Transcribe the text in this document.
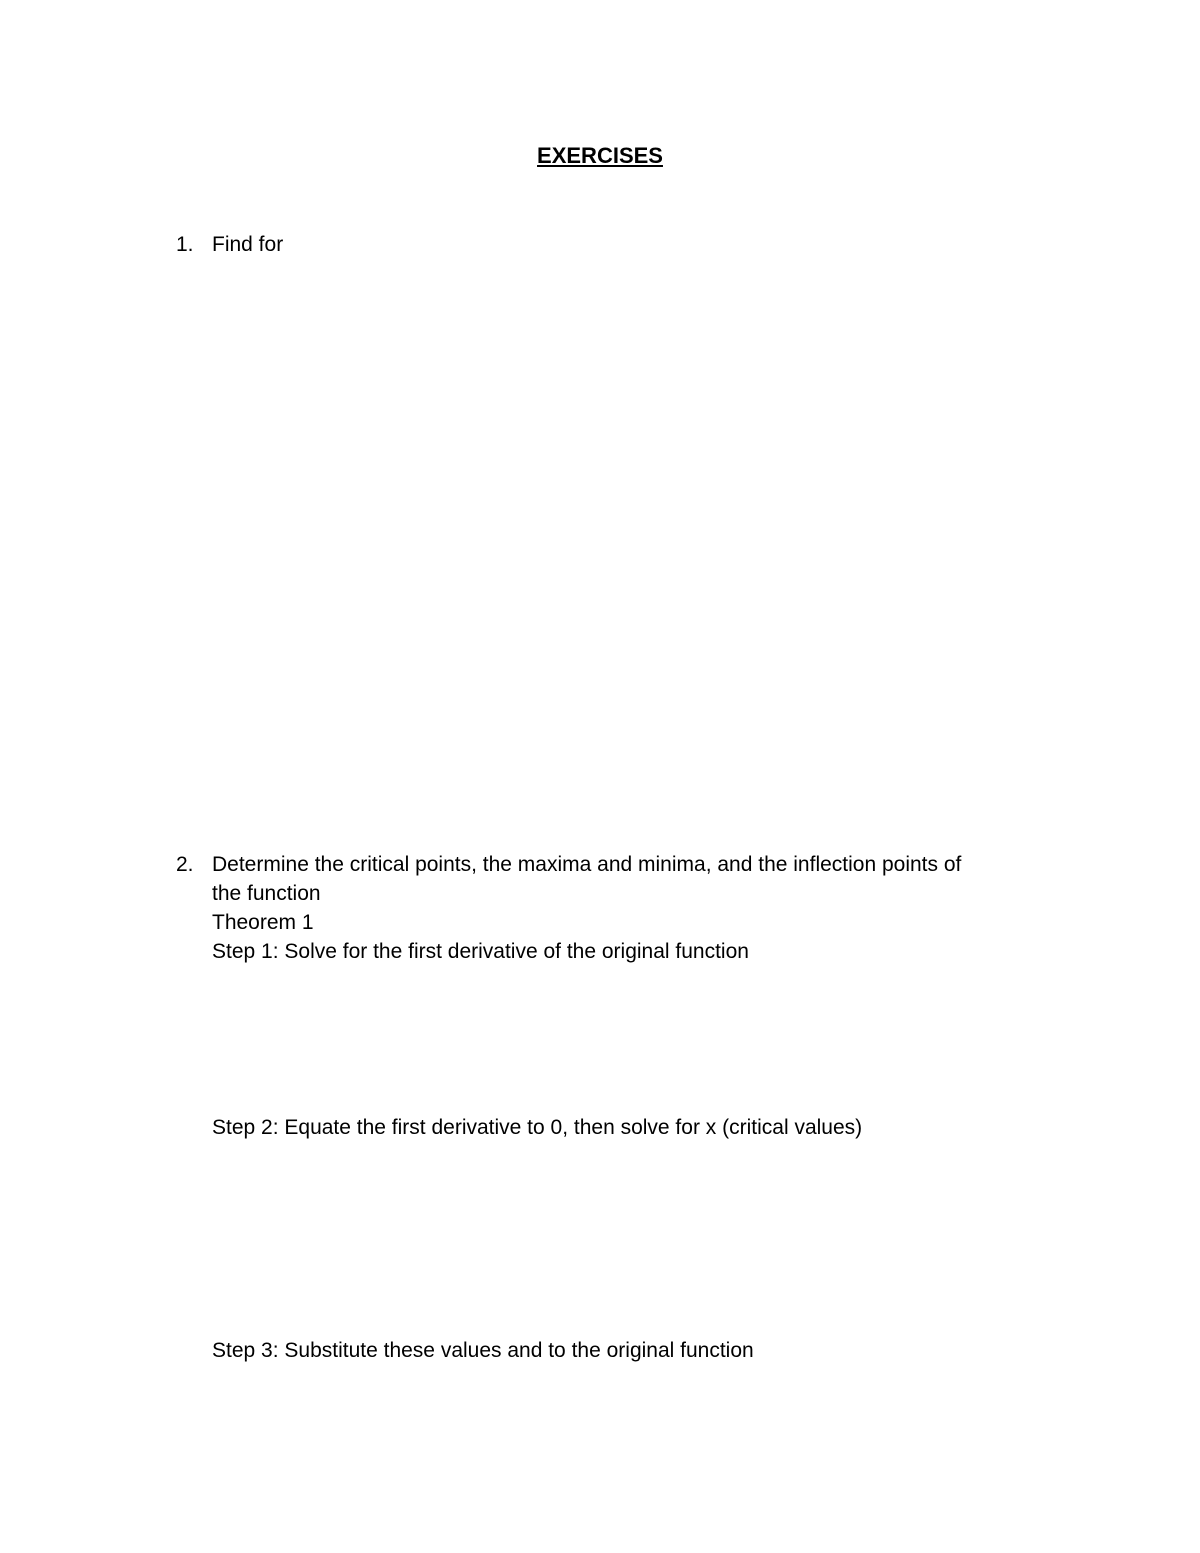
EXERCISES
1. Find for
2. Determine the critical points, the maxima and minima, and the inflection points of
the function
Theorem 1
Step 1: Solve for the first derivative of the original function
Step 2: Equate the first derivative to 0, then solve for x (critical values)
Step 3: Substitute these values and to the original function
